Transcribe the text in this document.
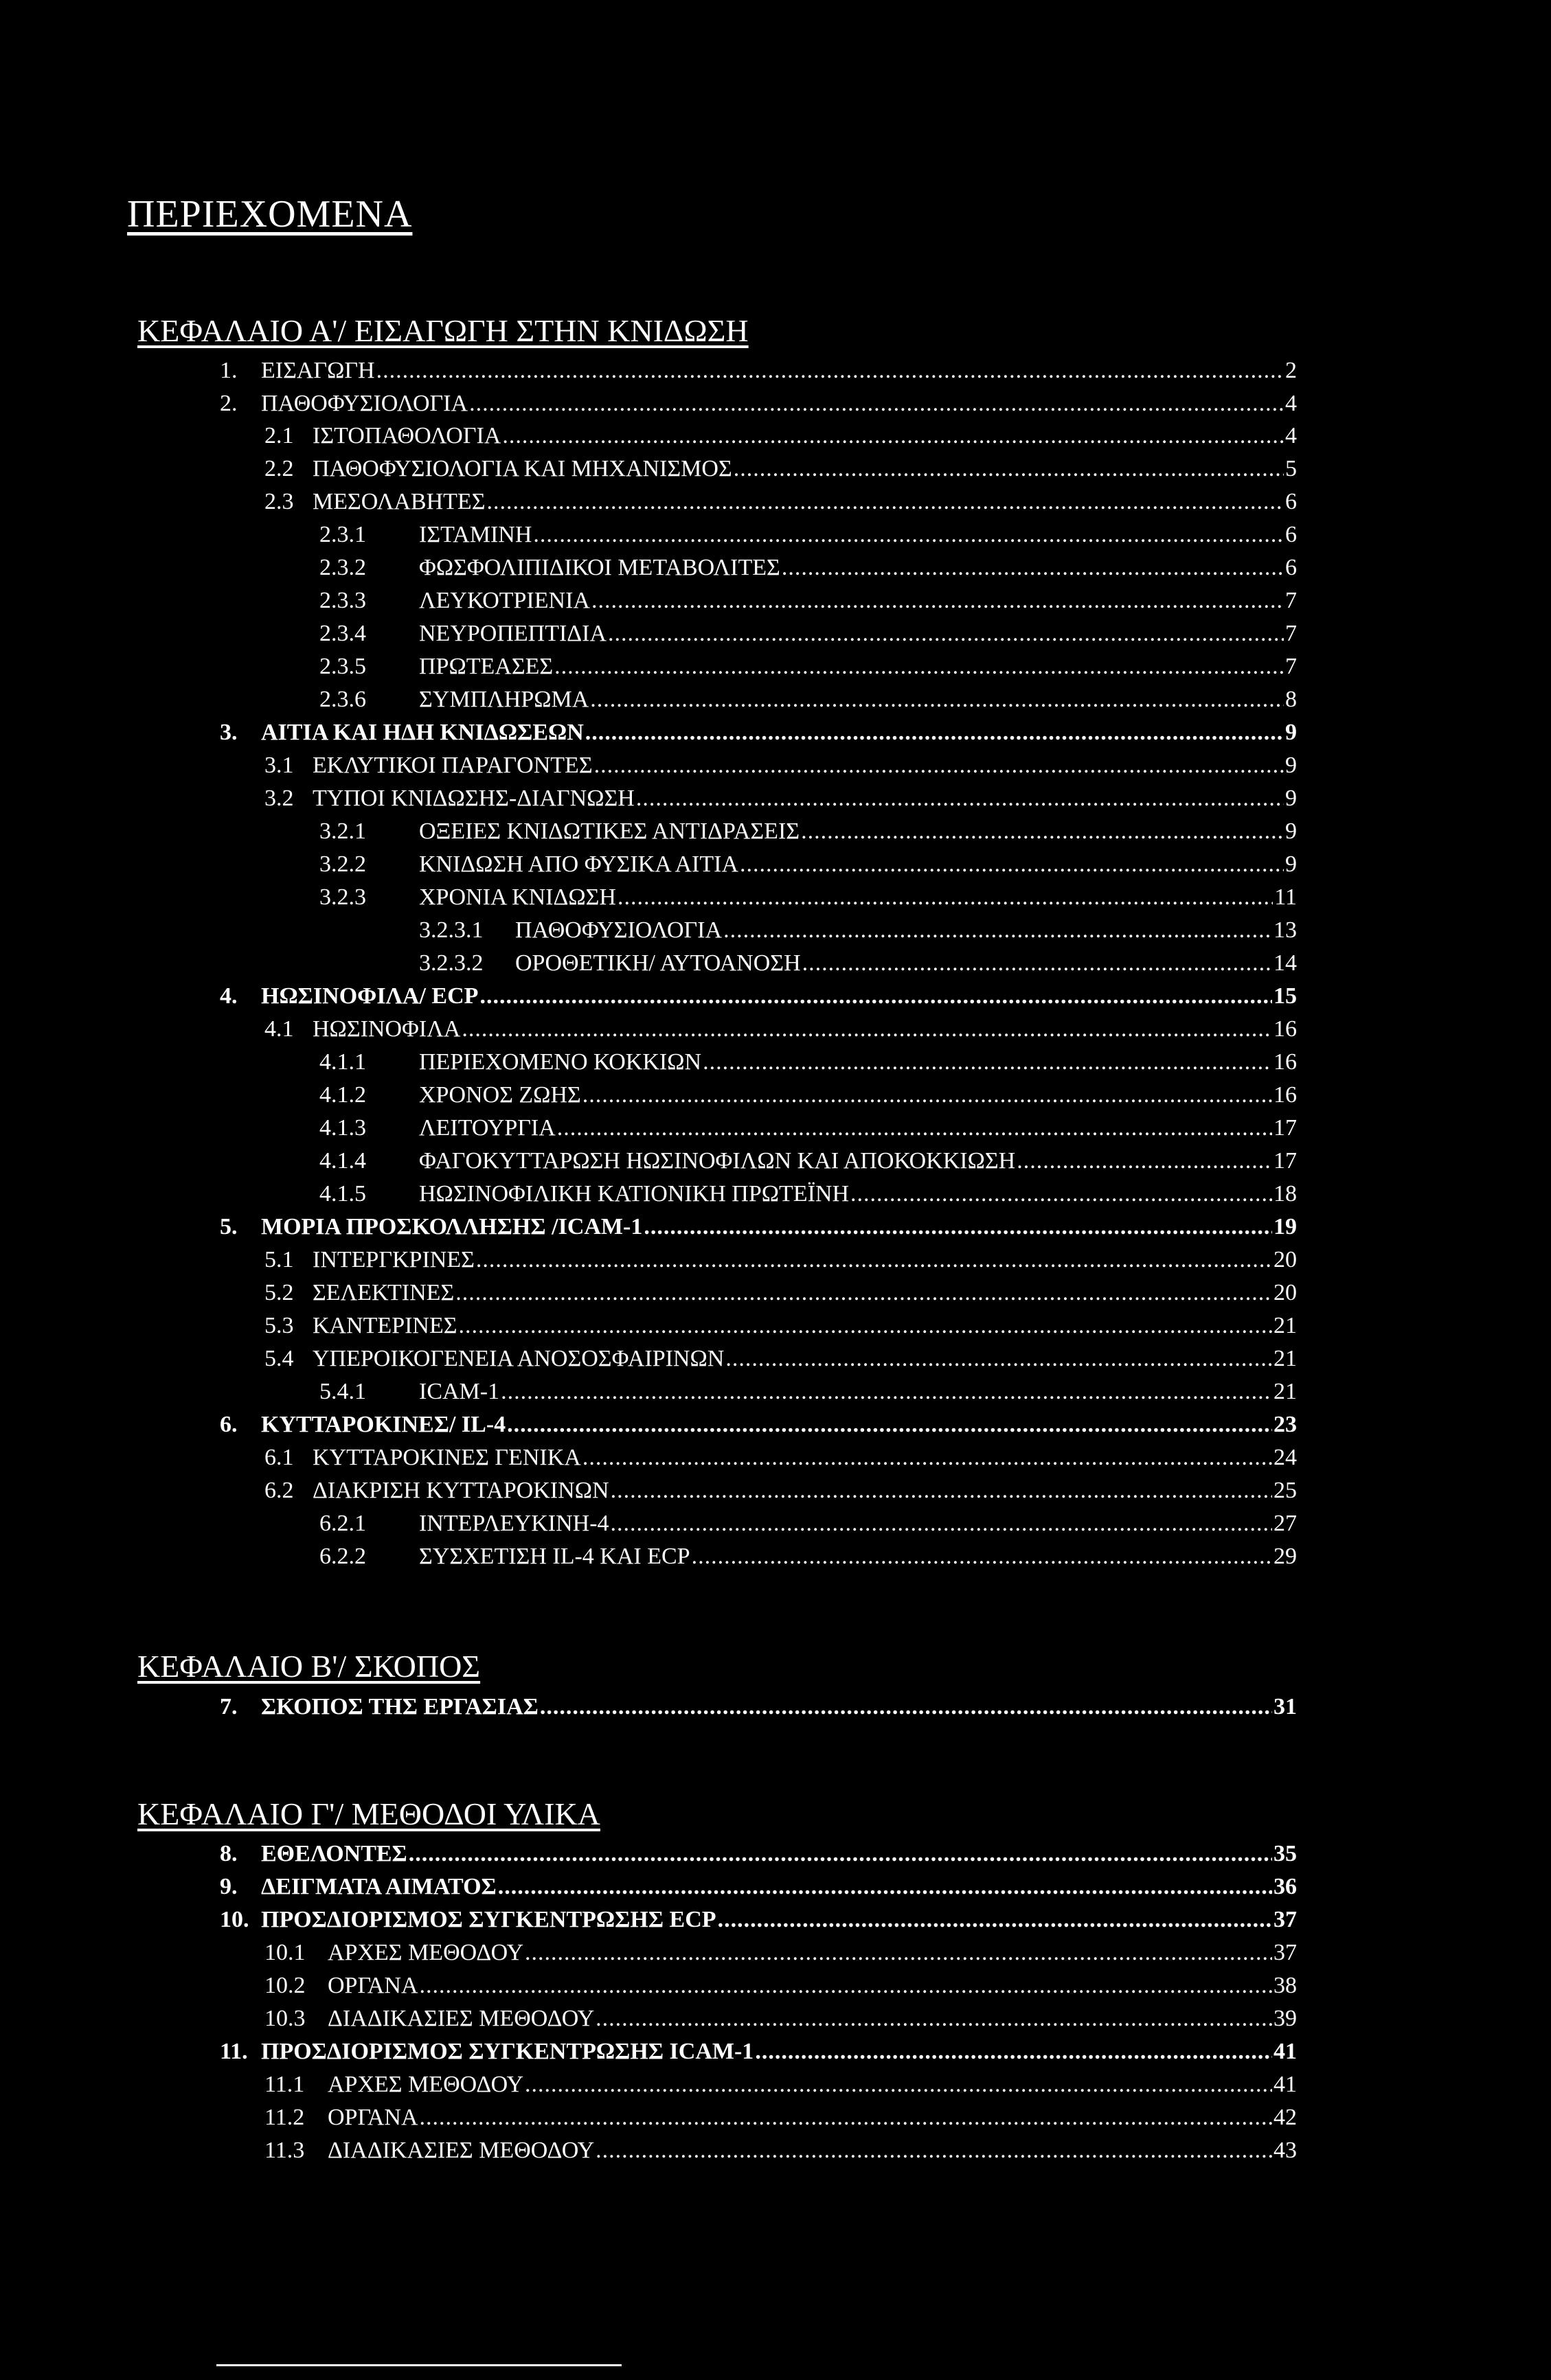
ΠΕΡΙΕΧΟΜΕΝΑ
ΚΕΦΑΛΑΙΟ Α'/ ΕΙΣΑΓΩΓΗ ΣΤΗΝ ΚΝΙΔΩΣΗ
1.	ΕΙΣΑΓΩΓΗ .....	2
2.	ΠΑΘΟΦΥΣΙΟΛΟΓΙΑ .....	4
2.1 ΙΣΤΟΠΑΘΟΛΟΓΙΑ .....	4
2.2 ΠΑΘΟΦΥΣΙΟΛΟΓΙΑ ΚΑΙ ΜΗΧΑΝΙΣΜΟΣ .....	5
2.3 ΜΕΣΟΛΑΒΗΤΕΣ .....	6
2.3.1	ΙΣΤΑΜΙΝΗ .....	6
2.3.2	ΦΩΣΦΟΛΙΠΙΔΙΚΟΙ ΜΕΤΑΒΟΛΙΤΕΣ .....	6
2.3.3	ΛΕΥΚΟΤΡΙΕΝΙΑ .....	7
2.3.4	ΝΕΥΡΟΠΕΠΤΙΔΙΑ .....	7
2.3.5	ΠΡΩΤΕΑΣΕΣ .....	7
2.3.6	ΣΥΜΠΛΗΡΩΜΑ .....	8
3.	ΑΙΤΙΑ ΚΑΙ ΗΔΗ ΚΝΙΔΩΣΕΩΝ .....	9
3.1 ΕΚΛΥΤΙΚΟΙ ΠΑΡΑΓΟΝΤΕΣ .....	9
3.2 ΤΥΠΟΙ ΚΝΙΔΩΣΗΣ-ΔΙΑΓΝΩΣΗ .....	9
3.2.1	ΟΞΕΙΕΣ ΚΝΙΔΩΤΙΚΕΣ ΑΝΤΙΔΡΑΣΕΙΣ .....	9
3.2.2	ΚΝΙΔΩΣΗ ΑΠΟ ΦΥΣΙΚΑ ΑΙΤΙΑ .....	9
3.2.3	ΧΡΟΝΙΑ ΚΝΙΔΩΣΗ .....	11
3.2.3.1	ΠΑΘΟΦΥΣΙΟΛΟΓΙΑ .....	13
3.2.3.2	ΟΡΟΘΕΤΙΚΗ/ ΑΥΤΟΑΝΟΣΗ .....	14
4.	ΗΩΣΙΝΟΦΙΛΑ/ ECP .....	15
4.1 ΗΩΣΙΝΟΦΙΛΑ .....	16
4.1.1	ΠΕΡΙΕΧΟΜΕΝΟ ΚΟΚΚΙΩΝ .....	16
4.1.2	ΧΡΟΝΟΣ ΖΩΗΣ .....	16
4.1.3	ΛΕΙΤΟΥΡΓΙΑ .....	17
4.1.4	ΦΑΓΟΚΥΤΤΑΡΩΣΗ ΗΩΣΙΝΟΦΙΛΩΝ ΚΑΙ ΑΠΟΚΟΚΚΙΩΣΗ .....	17
4.1.5	ΗΩΣΙΝΟΦΙΛΙΚΗ ΚΑΤΙΟΝΙΚΗ ΠΡΩΤΕΪΝΗ .....	18
5.	ΜΟΡΙΑ ΠΡΟΣΚΟΛΛΗΣΗΣ /ICAM-1 .....	19
5.1 ΙΝΤΕΡΓΚΡΙΝΕΣ .....	20
5.2 ΣΕΛΕΚΤΙΝΕΣ .....	20
5.3 ΚΑΝΤΕΡΙΝΕΣ .....	21
5.4 ΥΠΕΡΟΙΚΟΓΕΝΕΙΑ ΑΝΟΣΟΣΦΑΙΡΙΝΩΝ .....	21
5.4.1	ICAM-1 .....	21
6.	ΚΥΤΤΑΡΟΚΙΝΕΣ/ IL-4 .....	23
6.1 ΚΥΤΤΑΡΟΚΙΝΕΣ ΓΕΝΙΚΑ .....	24
6.2 ΔΙΑΚΡΙΣΗ ΚΥΤΤΑΡΟΚΙΝΩΝ .....	25
6.2.1	ΙΝΤΕΡΛΕΥΚΙΝΗ-4 .....	27
6.2.2	ΣΥΣΧΕΤΙΣΗ IL-4 ΚΑΙ ECP .....	29
ΚΕΦΑΛΑΙΟ Β'/ ΣΚΟΠΟΣ
7.	ΣΚΟΠΟΣ ΤΗΣ ΕΡΓΑΣΙΑΣ .....	31
ΚΕΦΑΛΑΙΟ Γ'/ ΜΕΘΟΔΟΙ ΥΛΙΚΑ
8.	ΕΘΕΛΟΝΤΕΣ .....	35
9.	ΔΕΙΓΜΑΤΑ ΑΙΜΑΤΟΣ .....	36
10. ΠΡΟΣΔΙΟΡΙΣΜΟΣ ΣΥΓΚΕΝΤΡΩΣΗΣ ECP .....	37
10.1 ΑΡΧΕΣ ΜΕΘΟΔΟΥ .....	37
10.2 ΟΡΓΑΝΑ .....	38
10.3 ΔΙΑΔΙΚΑΣΙΕΣ ΜΕΘΟΔΟΥ .....	39
11. ΠΡΟΣΔΙΟΡΙΣΜΟΣ ΣΥΓΚΕΝΤΡΩΣΗΣ ICAM-1 .....	41
11.1 ΑΡΧΕΣ ΜΕΘΟΔΟΥ .....	41
11.2 ΟΡΓΑΝΑ .....	42
11.3 ΔΙΑΔΙΚΑΣΙΕΣ ΜΕΘΟΔΟΥ .....	43
